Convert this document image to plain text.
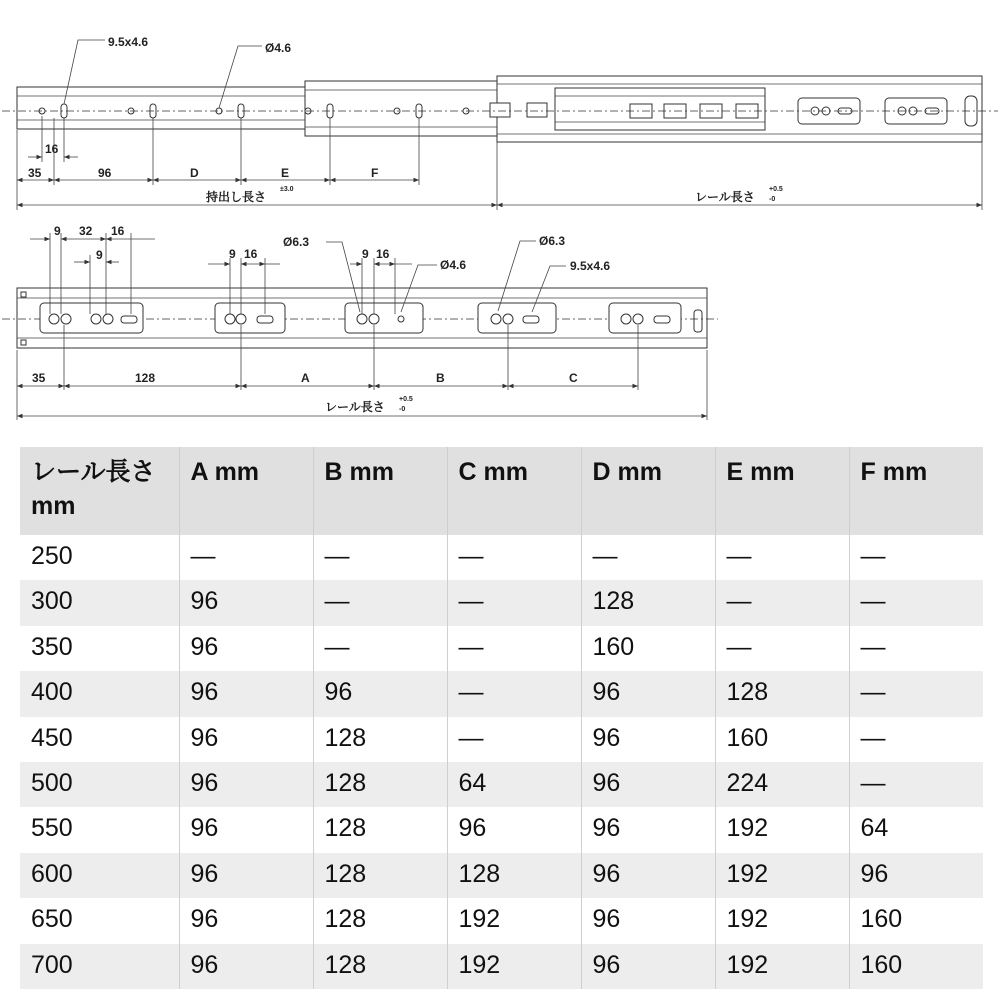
9.5x4.6	Ø4.6
16
35	96	D	E	F
持出し長さ
±3.0
レール長さ
+0.5
-0
9 32 16
9	9 16	9 16
Ø6.3
Ø4.6
Ø6.3
9.5x4.6
35	128	A	B	C
レール長さ
+0.5
-0
レール長さ mm	A mm	B mm	C mm	D mm	E mm	F mm
250	—	—	—	—	—	—
300	96	—	—	128	—	—
350	96	—	—	160	—	—
400	96	96	—	96	128	—
450	96	128	—	96	160	—
500	96	128	64	96	224	—
550	96	128	96	96	192	64
600	96	128	128	96	192	96
650	96	128	192	96	192	160
700	96	128	192	96	192	160
